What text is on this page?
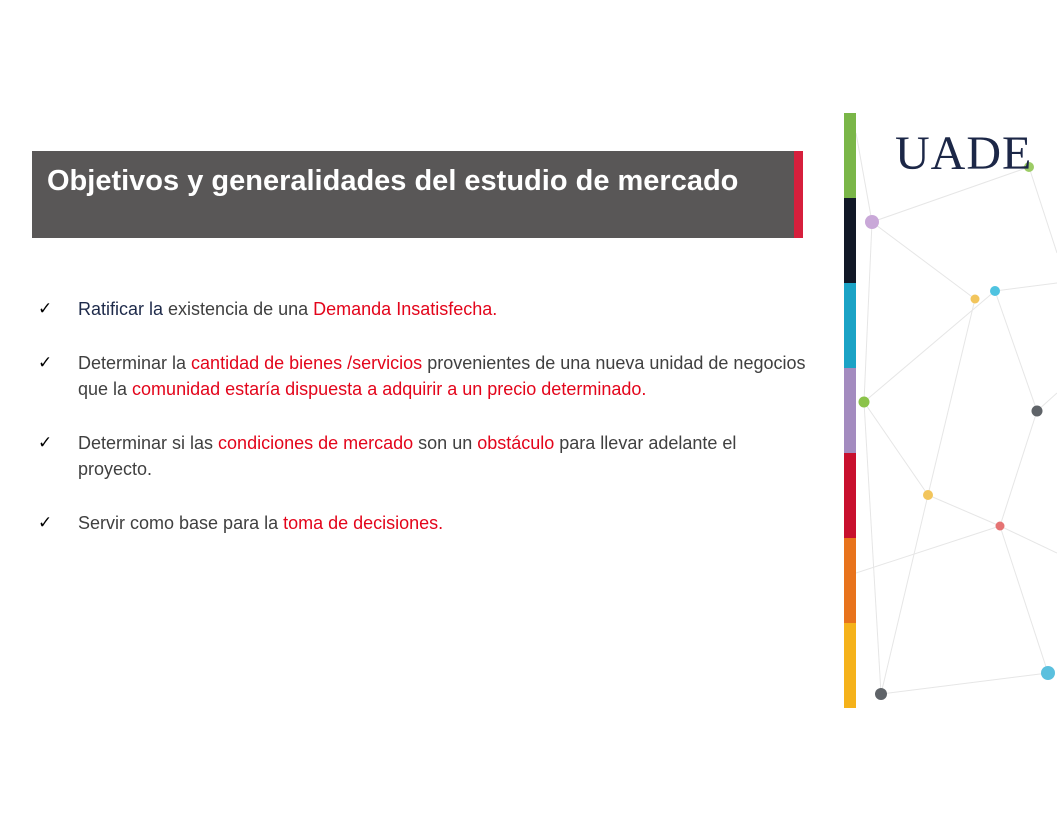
Objetivos y generalidades del estudio de mercado
✓ Ratificar la existencia de una Demanda Insatisfecha.
✓ Determinar la cantidad de bienes /servicios provenientes de una nueva unidad de negocios que la comunidad estaría dispuesta a adquirir a un precio determinado.
✓ Determinar si las condiciones de mercado son un obstáculo para llevar adelante el proyecto.
✓ Servir como base para la toma de decisiones.
UADE
